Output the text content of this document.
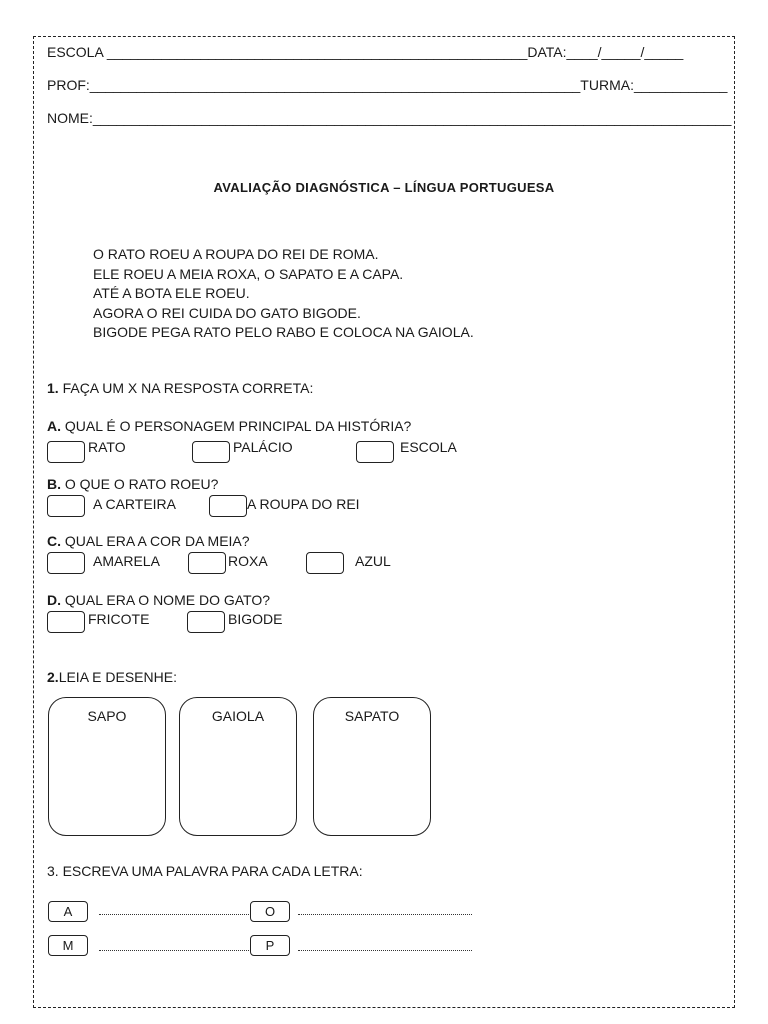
ESCOLA ______________________________________________________DATA:____/_____/_____
PROF:_______________________________________________________________TURMA:____________
NOME:__________________________________________________________________________________
AVALIAÇÃO DIAGNÓSTICA – LÍNGUA PORTUGUESA
O RATO ROEU A ROUPA DO REI DE ROMA.
ELE ROEU A MEIA ROXA, O SAPATO E A CAPA.
ATÉ A BOTA ELE ROEU.
AGORA O REI CUIDA DO GATO BIGODE.
BIGODE PEGA RATO PELO RABO E COLOCA NA GAIOLA.
1. FAÇA UM X NA RESPOSTA CORRETA:
A. QUAL É O PERSONAGEM PRINCIPAL DA HISTÓRIA?
RATO	PALÁCIO	ESCOLA
B. O QUE O RATO ROEU?
A CARTEIRA	A ROUPA DO REI
C. QUAL ERA A COR DA MEIA?
AMARELA	ROXA	AZUL
D. QUAL ERA O NOME DO GATO?
FRICOTE	BIGODE
2.LEIA E DESENHE:
SAPO	GAIOLA	SAPATO
3. ESCREVA UMA PALAVRA PARA CADA LETRA:
A	O
M	P
